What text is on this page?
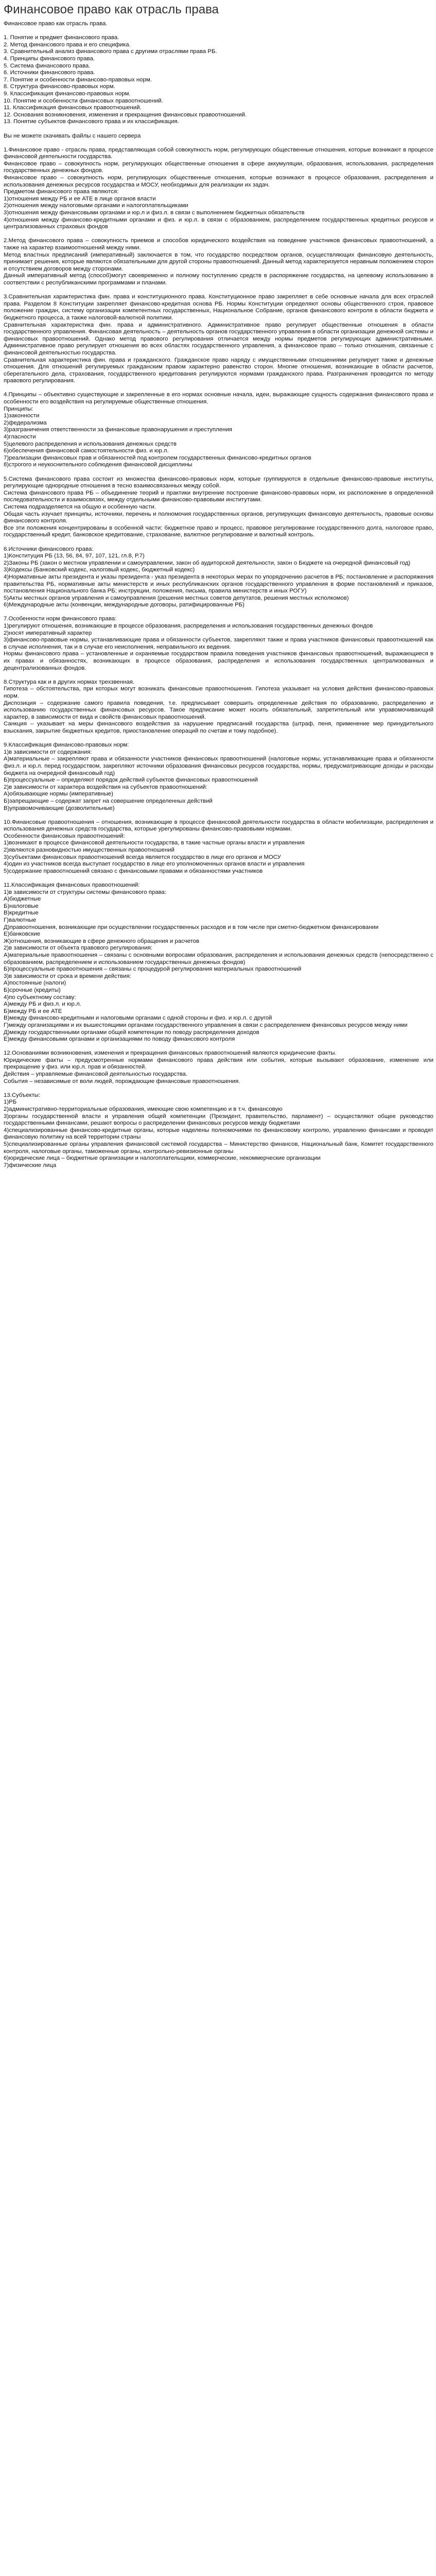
Финансовое право как отрасль права

Финансовое право как отрасль права.

1. Понятие и предмет финансового права.

2. Метод финансового права и его специфика.

3. Сравнительный анализ финансового права с другими отраслями права РБ.

4. Принципы финансового права.

5. Система финансового права.

6. Источники финансового права.

7. Понятие и особенности финансово-правовых норм.

8. Структура финансово-правовых норм.

9. Классификация финансово-правовых норм.

10. Понятие и особенности финансовых правоотношений.

11. Классификация финансовых правоотношений.

12. Основания возникновения, изменения и прекращения финансовых правоотношений.

13. Понятие субъектов финансового права и их классификация.

Вы не можете скачивать файлы с нашего сервера

1.Финансовое право - отрасль права, представляющая собой совокупность норм, регулирующих общественные отношения, которые возникают в процессе финансовой деятельности государства.

Финансовое право – совокупность норм, регулирующих общественные отношения в сфере аккумуляции, образования, использования, распределения государственных денежных фондов.

Финансовое право – совокупность норм, регулирующих общественные отношения, которые возникают в процессе образования, распределения и использования денежных ресурсов государства и МОСУ, необходимых для реализации их задач.

Предметом финансового права являются:

1)отношения между РБ и ее АТЕ в лице органов власти

2)отношения между налоговыми органами и налогоплательщиками

3)отношения между финансовыми органами и юр.л и физ.л. в связи с выполнением бюджетных обязательств

4)отношения между финансово-кредитными органами и физ. и юр.л. в связи с образованием, распределением государственных кредитных ресурсов и централизованных страховых фондов

2.Метод финансового права – совокупность приемов и способов юридического воздействия на поведение участников финансовых правоотношений, а также на характер взаимоотношений между ними.

Метод властных предписаний (императивный) заключается в том, что государство посредством органов, осуществляющих финансовую деятельность, принимает решения, которые являются обязательными для другой стороны правоотношений. Данный метод характеризуется неравным положением сторон и отсутствием договоров между сторонами.

Данный императивный метод (способ)могут своевременно и полному поступлению средств в распоряжение государства, на целевому использованию в соответствии с республиканскими программами и планами.

3.Сравнительная характеристика фин. права и конституционного права. Конституционное право закрепляет в себе основные начала для всех отраслей права. Разделом 8 Конституции закрепляет финансово-кредитная основа РБ. Нормы Конституции определяют основы общественного строя, правовое положение граждан, систему организации компетентных государственных, Национальное Собрание, органов финансового контроля в области бюджета и бюджетного процесса, а также налоговой-валютной политики.

Сравнительная характеристика фин. права и административного. Административное право регулирует общественные отношения в области государственного управления. Финансовая деятельность – деятельность органов государственного управления в области организации денежной системы и финансовых правоотношений. Однако метод правового регулирования отличается между нормы предметов регулирующих административными. Административное право регулирует отношения во всех областях государственного управления, а финансовое право – только отношения, связанные с финансовой деятельностью государства.

Сравнительная характеристика фин. права и гражданского. Гражданское право наряду с имущественными отношениями регулирует также и денежные отношения. Для отношений регулируемых гражданским правом характерно равенство сторон. Многие отношения, возникающие в области расчетов, сберегательного дела, страхования, государственного кредитования регулируются нормами гражданского права. Разграничения проводится по методу правового регулирования.

4.Принципы – объективно существующие и закрепленные в его нормах основные начала, идеи, выражающие сущность содержания финансового права и особенности его воздействия на регулируемые общественные отношения.

Принципы:

1)законности

2)федерализма

3)разграничения ответственности за финансовые правонарушения и преступления

4)гласности

5)целевого распределения и использования денежных средств

6)обеспечения финансовой самостоятельности физ. и юр.л.

7)реализации финансовых прав и обязанностей под контролем государственных финансово-кредитных органов

8)строгого и неукоснительного соблюдения финансовой дисциплины

5.Система финансового права состоит из множества финансово-правовых норм, которые группируются в отдельные финансово-правовые институты, регулирующие однородные отношения в тесно взаимосвязанных между собой.

Система финансового права РБ – объединение теорий и практики внутренние построение финансово-правовых норм, их расположение в определенной последовательности и взаимосвязях, между отдельными финансово-правовыми институтами.

Система подразделяется на общую и особенную части.

Общая часть изучает принципы, источники, перечень и полномочия государственных органов, регулирующих финансовую деятельность, правовые основы финансового контроля.

Все эти положения концентрированы в особенной части: бюджетное право и процесс, правовое регулирование государственного долга, налоговое право, государственный кредит, банковское кредитование, страхование, валютное регулирование и валютный контроль.

6.Источники финансового права:

1)Конституция РБ (13, 56, 84, 97, 107, 121, гл.8, Р.7)

2)Законы РБ (закон о местном управлении и самоуправлении, закон об аудиторской деятельности, закон о Бюджете на очередной финансовый год)

3)Кодексы (Банковский кодекс, налоговый кодекс, бюджетный кодекс)

4)Нормативные акты президента и указы президента - указ президента в некоторых мерах по упорядочению расчетов в РБ; постановление и распоряжения правительства РБ, нормативные акты министерств и иных республиканских органов государственного управления в форме постановлений и приказов, постановления Национального банка РБ; инструкции, положения, письма, правила министерств и иных РОГУ)

5)Акты местных органов управления и самоуправления (решения местных советов депутатов, решения местных исполкомов)

6)Международные акты (конвенции, международные договоры, ратифицированные РБ)

7.Особенности норм финансового права:

1)регулируют отношения, возникающие в процессе образования, распределения и использования государственных денежных фондов

2)носят императивный характер

3)финансово-правовые нормы, устанавливающие права и обязанности субъектов, закрепляют также и права участников финансовых правоотношений как в случае исполнения, так и в случае его неисполнения, неправильного их ведения.

Нормы финансового права – установленные и охраняемые государством правила поведения участников финансовых правоотношений, выражающиеся в их правах и обязанностях, возникающих в процессе образования, распределения и использования государственных централизованных и децентрализованных фондов.

8.Структура как и в других нормах трехзвенная.

Гипотеза – обстоятельства, при которых могут возникать финансовые правоотношения. Гипотеза указывает на условия действия финансово-правовых норм.

Диспозиция – содержание самого правила поведения, т.е. предписывает совершить определенные действия по образованию, распределению и использованию государственных финансовых ресурсов. Такое предписание может носить обязательный, запретительный или управомочивающий характер, в зависимости от вида и свойств финансовых правоотношений.

Санкция – указывает на меры финансового воздействия за нарушение предписаний государства (штраф, пеня, применение мер принудительного взыскания, закрытие бюджетных кредитов, приостановление операций по счетам и тому подобное).

9.Классификация финансово-правовых норм:

1)в зависимости от содержания:

А)материальные – закрепляют права и обязанности участников финансовых правоотношений (налоговые нормы, устанавливающие права и обязанности физ.л. и юр.л. перед государством, закрепляют источники образования финансовых ресурсов государства, нормы, предусматривающие доходы и расходы бюджета на очередной финансовый год)

Б)процессуальные – определяют порядок действий субъектов финансовых правоотношений

2)в зависимости от характера воздействия на субъектов правоотношений:

А)обязывающие нормы (императивные)

Б)запрещающие – содержат запрет на совершение определенных действий

В)управомочивающие (дозволительные)

10.Финансовые правоотношения – отношения, возникающие в процессе финансовой деятельности государства в области мобилизации, распределения и использования денежных средств государства, которые урегулированы финансово-правовыми нормами.

Особенности финансовых правоотношений:

1)возникают в процессе финансовой деятельности государства, в такие частные органы власти и управления

2)являются разновидностью имущественных правоотношений

3)субъектами финансовых правоотношений всегда является государство в лице его органов и МОСУ

4)один из участников всегда выступает государство в лице его уполномоченных органов власти и управления

5)содержание правоотношений связано с финансовыми правами и обязанностями участников

11.Классификация финансовых правоотношений:

1)в зависимости от структуры системы финансового права:

А)бюджетные

Б)налоговые

В)кредитные

Г)валютные

Д)правоотношения, возникающие при осуществлении государственных расходов и в том числе при сметно-бюджетном финансировании

Е)банковские

Ж)отношения, возникающие в сфере денежного обращения и расчетов

2)в зависимости от объекта правового регулирования:

А)материальные правоотношения – связаны с основными вопросами образования, распределения и использования денежных средств (непосредственно с образованием, распределением и использованием государственных денежных фондов)

Б)процессуальные правоотношения – связаны с процедурой регулирования материальных правоотношений

3)в зависимости от срока и времени действия:

А)постоянные (налоги)

Б)срочные (кредиты)

4)по субъектному составу:

А)между РБ и физ.л. и юр.л.

Б)между РБ и ее АТЕ

В)между финансово-кредитными и налоговыми органами с одной стороны и физ. и юр.л. с другой

Г)между организациями и их вышестоящими органами государственного управления в связи с распределением финансовых ресурсов между ними

Д)между государственными органами общей компетенции по поводу распределения доходов

Е)между финансовыми органами и организациями по поводу финансового контроля

12.Основаниями возникновения, изменения и прекращения финансовых правоотношений являются юридические факты.

Юридические факты – предусмотренные нормами финансового права действия или события, которые вызывают образование, изменение или прекращение у физ. или юр.л. прав и обязанностей.

Действия – управляемые финансовой деятельностью государства.

События – независимые от воли людей, порождающие финансовые правоотношения.

13.Субъекты:

1)РБ

2)административно-территориальные образования, имеющие свою компетенцию и в т.ч. финансовую

3)органы государственной власти и управления общей компетенции (Президент, правительство, парламент) – осуществляют общее руководство государственными финансами, решают вопросы о распределении финансовых ресурсов между бюджетами

4)специализированные финансово-кредитные органы, которые наделены полномочиями по финансовому контролю, управлению финансами и проводят финансовую политику на всей территории страны

5)специализированные органы управления финансовой системой государства – Министерство финансов, Национальный банк, Комитет государственного контроля, налоговые органы, таможенные органы, контрольно-ревизионные органы

6)юридические лица – бюджетные организации и налогоплательщики, коммерческие, некоммерческие организации

7)физические лица
